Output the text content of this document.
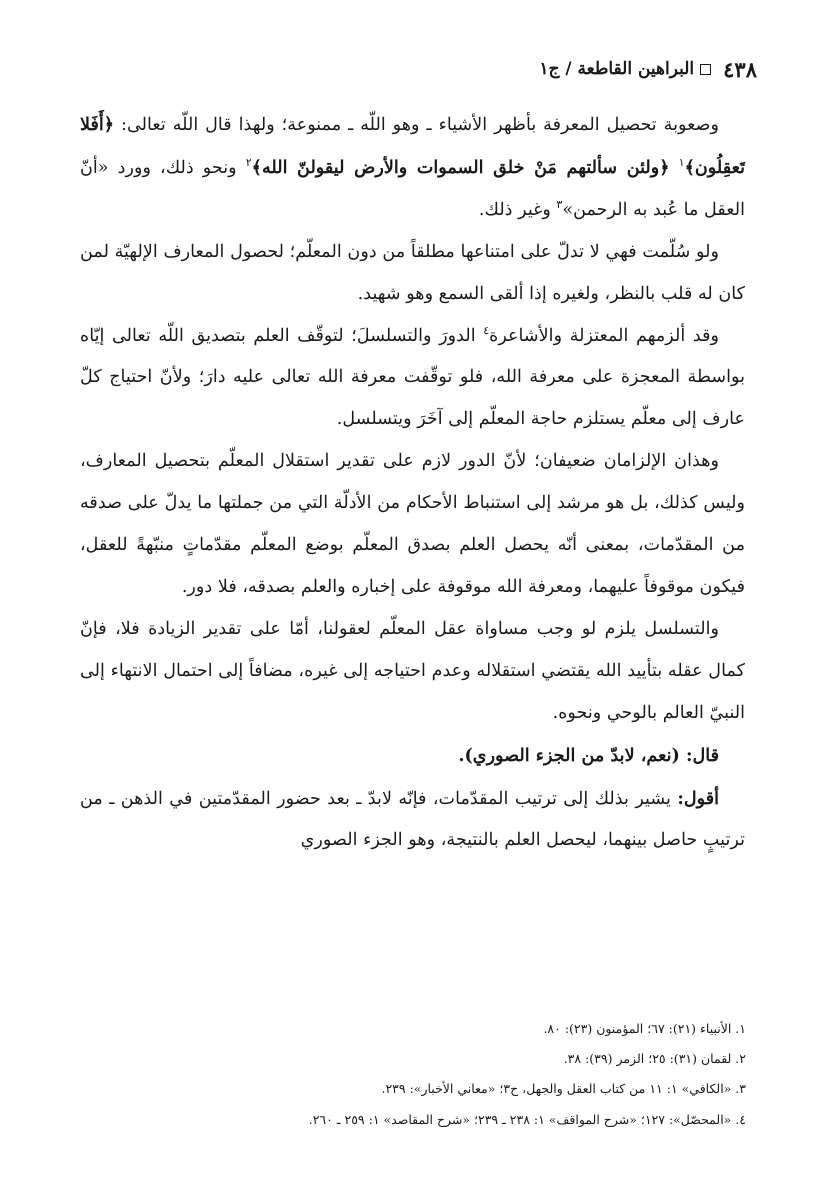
٤٣٨
البراهين القاطعة / ج١

وصعوبة تحصيل المعرفة بأظهر الأشياء ـ وهو اللّه ـ ممنوعة؛ ولهذا قال اللّه تعالى: ﴿أَفَلا تَعقِلُون﴾$^١$ ﴿ولئن سألتهم مَنْ خلق السموات والأرض ليقولنّ الله﴾$^٢$ ونحو ذلك، وورد «أنّ العقل ما عُبد به الرحمن»$^٣$ وغير ذلك.

ولو سُلّمت فهي لا تدلّ على امتناعها مطلقاً من دون المعلّم؛ لحصول المعارف الإلهيّة لمن كان له قلب بالنظر، ولغيره إذا ألقى السمع وهو شهيد.

وقد ألزمهم المعتزلة والأشاعرة$^٤$ الدورَ والتسلسلَ؛ لتوقّف العلم بتصديق اللّه تعالى إيّاه بواسطة المعجزة على معرفة الله، فلو توقّفت معرفة الله تعالى عليه دارَ؛ ولأنّ احتياج كلّ عارف إلى معلّم يستلزم حاجة المعلّم إلى آخَرَ ويتسلسل.

وهذان الإلزامان ضعيفان؛ لأنّ الدور لازم على تقدير استقلال المعلّم بتحصيل المعارف، وليس كذلك، بل هو مرشد إلى استنباط الأحكام من الأدلّة التي من جملتها ما يدلّ على صدقه من المقدّمات، بمعنى أنّه يحصل العلم بصدق المعلّم بوضع المعلّم مقدّماتٍ منبّهةً للعقل، فيكون موقوفاً عليهما، ومعرفة الله موقوفة على إخباره والعلم بصدقه، فلا دور.

والتسلسل يلزم لو وجب مساواة عقل المعلّم لعقولنا، أمّا على تقدير الزيادة فلا، فإنّ كمال عقله بتأييد الله يقتضي استقلاله وعدم احتياجه إلى غيره، مضافاً إلى احتمال الانتهاء إلى النبيّ العالم بالوحي ونحوه.

قال: (نعم، لابدّ من الجزء الصوري).

أقول: يشير بذلك إلى ترتيب المقدّمات، فإنّه لابدّ ـ بعد حضور المقدّمتين في الذهن ـ من ترتيبٍ حاصل بينهما، ليحصل العلم بالنتيجة، وهو الجزء الصوري

١. الأنبياء (٢١): ٦٧؛ المؤمنون (٢٣): ٨٠.
٢. لقمان (٣١): ٢٥؛ الزمر (٣٩): ٣٨.
٣. «الكافي» ١: ١١ من كتاب العقل والجهل، ح٣؛ «معاني الأخبار»: ٢٣٩.
٤. «المحصّل»: ١٢٧؛ «شرح المواقف» ١: ٢٣٨ ـ ٢٣٩؛ «شرح المقاصد» ١: ٢٥٩ ـ ٢٦٠.
